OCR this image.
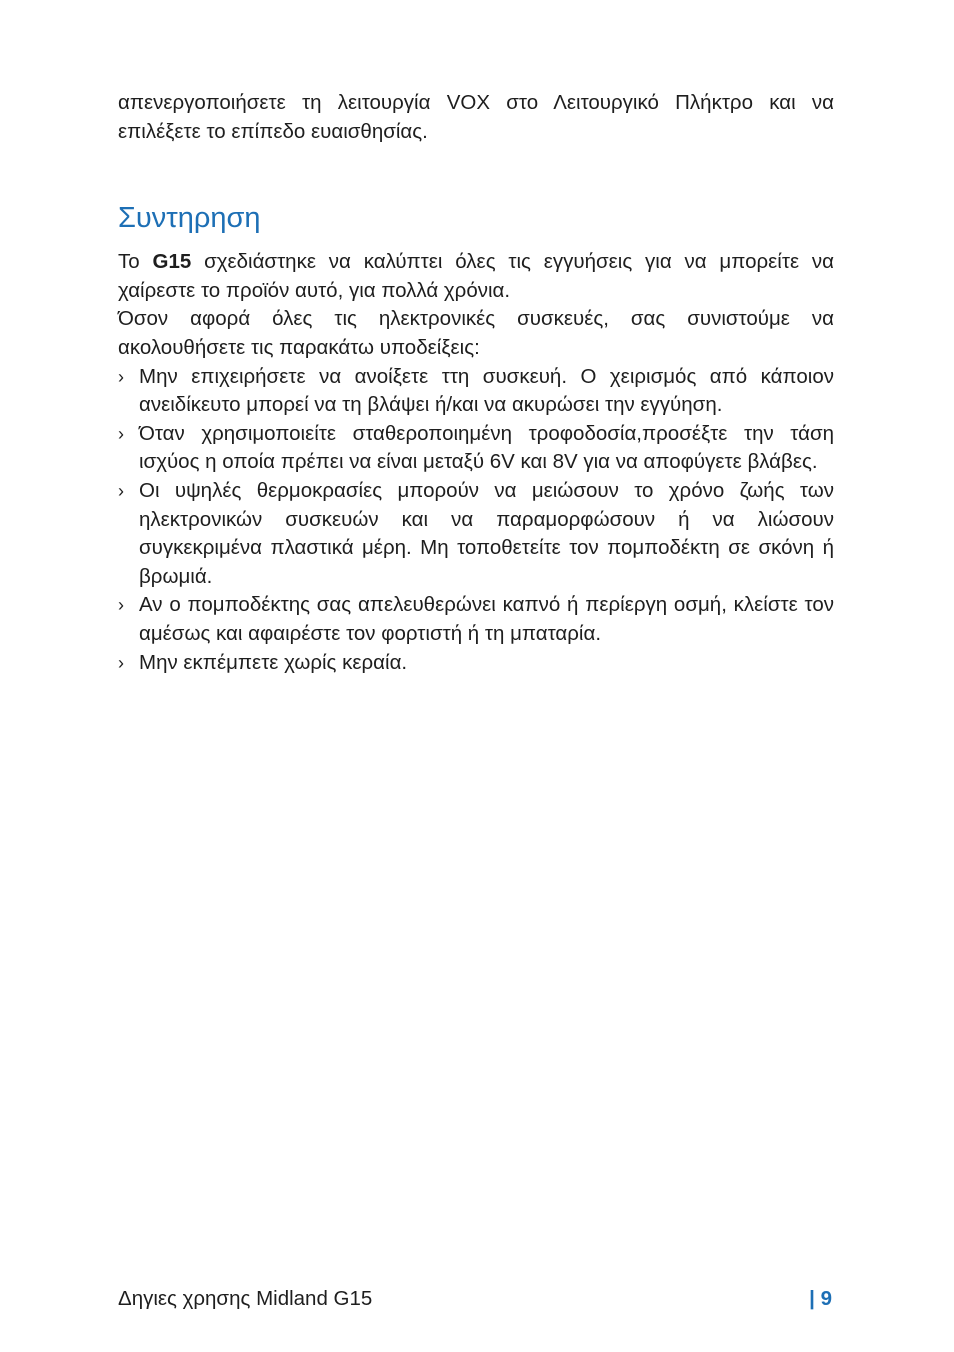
απενεργοποιήσετε τη λειτουργία VOX στο Λειτουργικό Πλήκτρο και να επιλέξετε το επίπεδο ευαισθησίας.

Συντηρηση

Το G15 σχεδιάστηκε να καλύπτει όλες τις εγγυήσεις για να μπορείτε να χαίρεστε το προϊόν αυτό, για πολλά χρόνια.

Όσον αφορά όλες τις ηλεκτρονικές συσκευές, σας συνιστούμε να ακολουθήσετε τις παρακάτω υποδείξεις:

› Μην επιχειρήσετε να ανοίξετε ττη συσκευή. Ο χειρισμός από κάποιον ανειδίκευτο μπορεί να τη βλάψει ή/και να ακυρώσει την εγγύηση.
› Όταν χρησιμοποιείτε σταθεροποιημένη τροφοδοσία,προσέξτε την τάση ισχύος η οποία πρέπει να είναι μεταξύ 6V και 8V για να αποφύγετε βλάβες.
› Οι υψηλές θερμοκρασίες μπορούν να μειώσουν το χρόνο ζωής των ηλεκτρονικών συσκευών και να παραμορφώσουν ή να λιώσουν συγκεκριμένα πλαστικά μέρη. Μη τοποθετείτε τον πομποδέκτη σε σκόνη ή βρωμιά.
› Αν ο πομποδέκτης σας απελευθερώνει καπνό ή περίεργη οσμή, κλείστε τον αμέσως και αφαιρέστε τον φορτιστή ή τη μπαταρία.
› Μην εκπέμπετε χωρίς κεραία.
Δηγιες χρησης Midland G15	| 9
